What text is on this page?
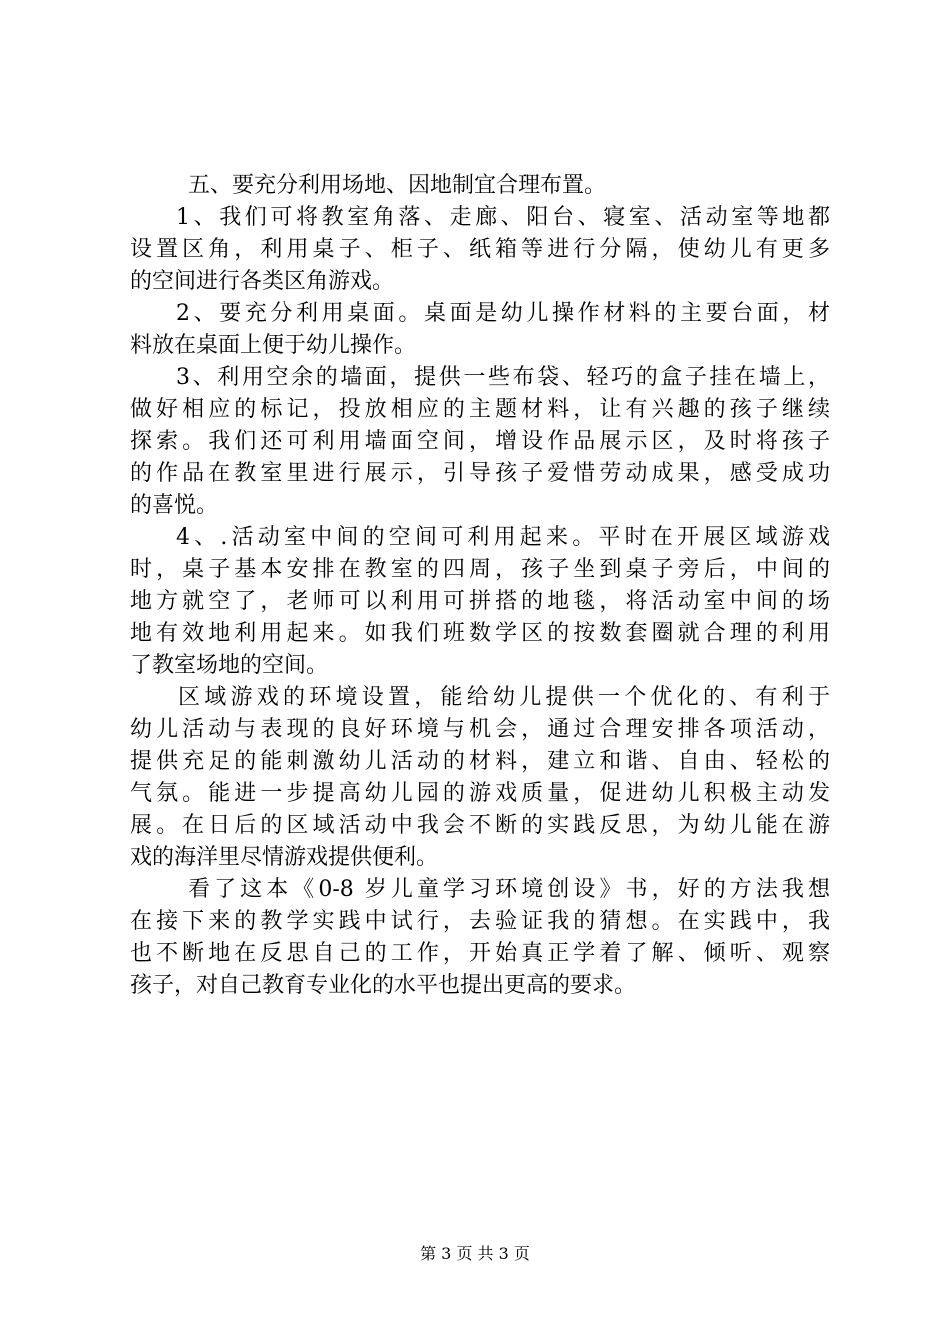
五、要充分利用场地、因地制宜合理布置。
1、我们可将教室角落、走廊、阳台、寝室、活动室等地都
设置区角，利用桌子、柜子、纸箱等进行分隔，使幼儿有更多
的空间进行各类区角游戏。
2、要充分利用桌面。桌面是幼儿操作材料的主要台面，材
料放在桌面上便于幼儿操作。
3、利用空余的墙面，提供一些布袋、轻巧的盒子挂在墙上，
做好相应的标记，投放相应的主题材料，让有兴趣的孩子继续
探索。我们还可利用墙面空间，增设作品展示区，及时将孩子
的作品在教室里进行展示，引导孩子爱惜劳动成果，感受成功
的喜悦。
4、.活动室中间的空间可利用起来。平时在开展区域游戏
时，桌子基本安排在教室的四周，孩子坐到桌子旁后，中间的
地方就空了，老师可以利用可拼搭的地毯，将活动室中间的场
地有效地利用起来。如我们班数学区的按数套圈就合理的利用
了教室场地的空间。
区域游戏的环境设置，能给幼儿提供一个优化的、有利于
幼儿活动与表现的良好环境与机会，通过合理安排各项活动，
提供充足的能刺激幼儿活动的材料，建立和谐、自由、轻松的
气氛。能进一步提高幼儿园的游戏质量，促进幼儿积极主动发
展。在日后的区域活动中我会不断的实践反思，为幼儿能在游
戏的海洋里尽情游戏提供便利。
看了这本《0-8 岁儿童学习环境创设》书，好的方法我想
在接下来的教学实践中试行，去验证我的猜想。在实践中，我
也不断地在反思自己的工作，开始真正学着了解、倾听、观察
孩子，对自己教育专业化的水平也提出更高的要求。
第 3 页 共 3 页
